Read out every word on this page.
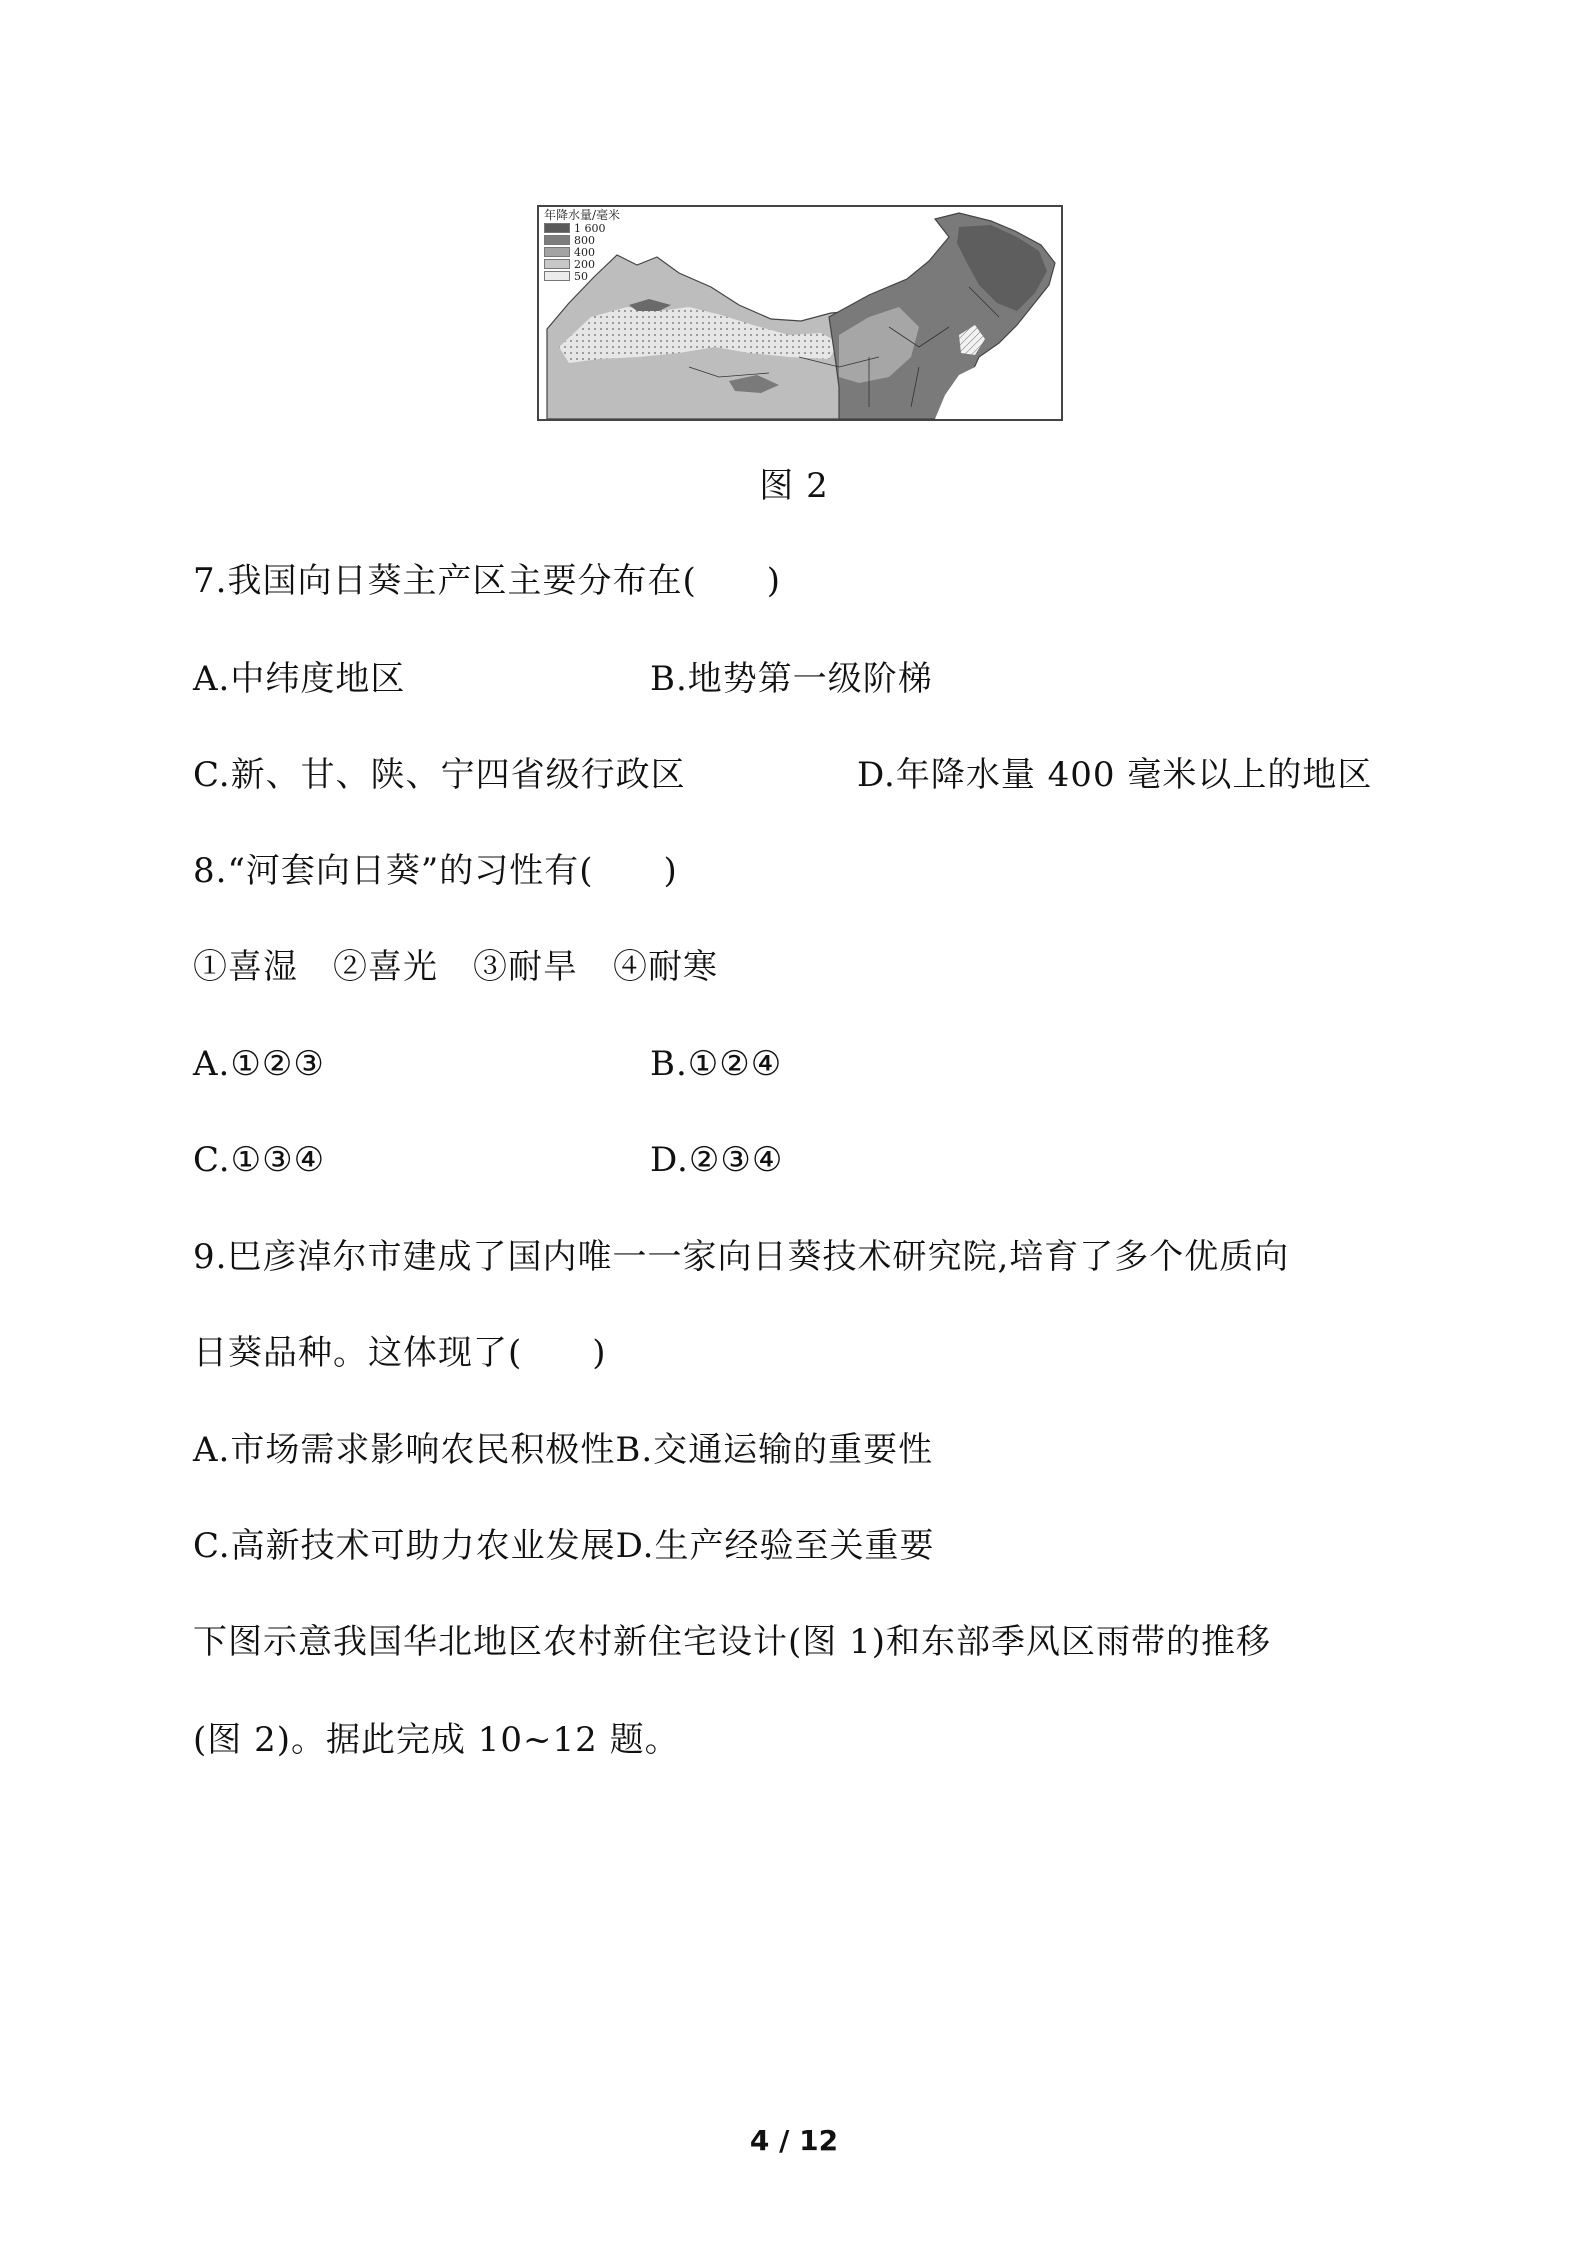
年降水量/毫米
1 600
800
400
200
50
图 2
7.我国向日葵主产区主要分布在(　　)
A.中纬度地区	B.地势第一级阶梯
C.新、甘、陕、宁四省级行政区	D.年降水量 400 毫米以上的地区
8.“河套向日葵”的习性有(　　)
①喜湿　②喜光　③耐旱　④耐寒
A.①②③	B.①②④
C.①③④	D.②③④
9.巴彦淖尔市建成了国内唯一一家向日葵技术研究院,培育了多个优质向
日葵品种。这体现了(　　)
A.市场需求影响农民积极性B.交通运输的重要性
C.高新技术可助力农业发展D.生产经验至关重要
下图示意我国华北地区农村新住宅设计(图 1)和东部季风区雨带的推移
(图 2)。据此完成 10~12 题。
4 / 12
